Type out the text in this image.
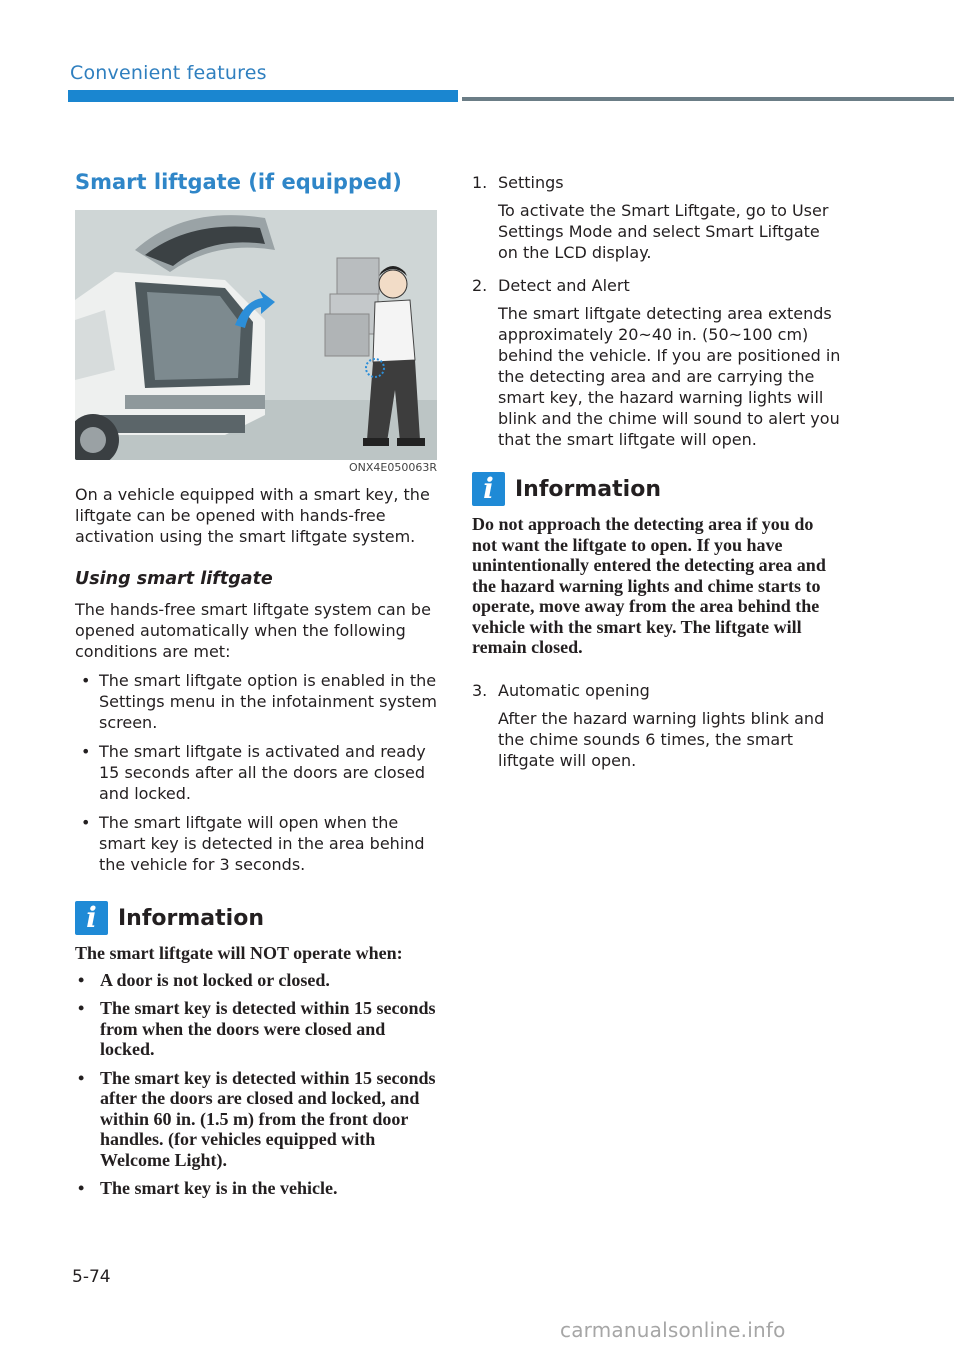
Convenient features
Smart liftgate (if equipped)
ONX4E050063R

On a vehicle equipped with a smart key, the liftgate can be opened with hands-free activation using the smart liftgate system.

Using smart liftgate

The hands-free smart liftgate system can be opened automatically when the following conditions are met:

• The smart liftgate option is enabled in the Settings menu in the infotainment system screen.
• The smart liftgate is activated and ready 15 seconds after all the doors are closed and locked.
• The smart liftgate will open when the smart key is detected in the area behind the vehicle for 3 seconds.
i Information
The smart liftgate will NOT operate when:
• A door is not locked or closed.
• The smart key is detected within 15 seconds from when the doors were closed and locked.
• The smart key is detected within 15 seconds after the doors are closed and locked, and within 60 in. (1.5 m) from the front door handles. (for vehicles equipped with Welcome Light).
• The smart key is in the vehicle.
1. Settings
To activate the Smart Liftgate, go to User Settings Mode and select Smart Liftgate on the LCD display.
2. Detect and Alert
The smart liftgate detecting area extends approximately 20~40 in. (50~100 cm) behind the vehicle. If you are positioned in the detecting area and are carrying the smart key, the hazard warning lights will blink and the chime will sound to alert you that the smart liftgate will open.
i Information
Do not approach the detecting area if you do not want the liftgate to open. If you have unintentionally entered the detecting area and the hazard warning lights and chime starts to operate, move away from the area behind the vehicle with the smart key. The liftgate will remain closed.
3. Automatic opening
After the hazard warning lights blink and the chime sounds 6 times, the smart liftgate will open.
5-74
carmanualsonline.info
